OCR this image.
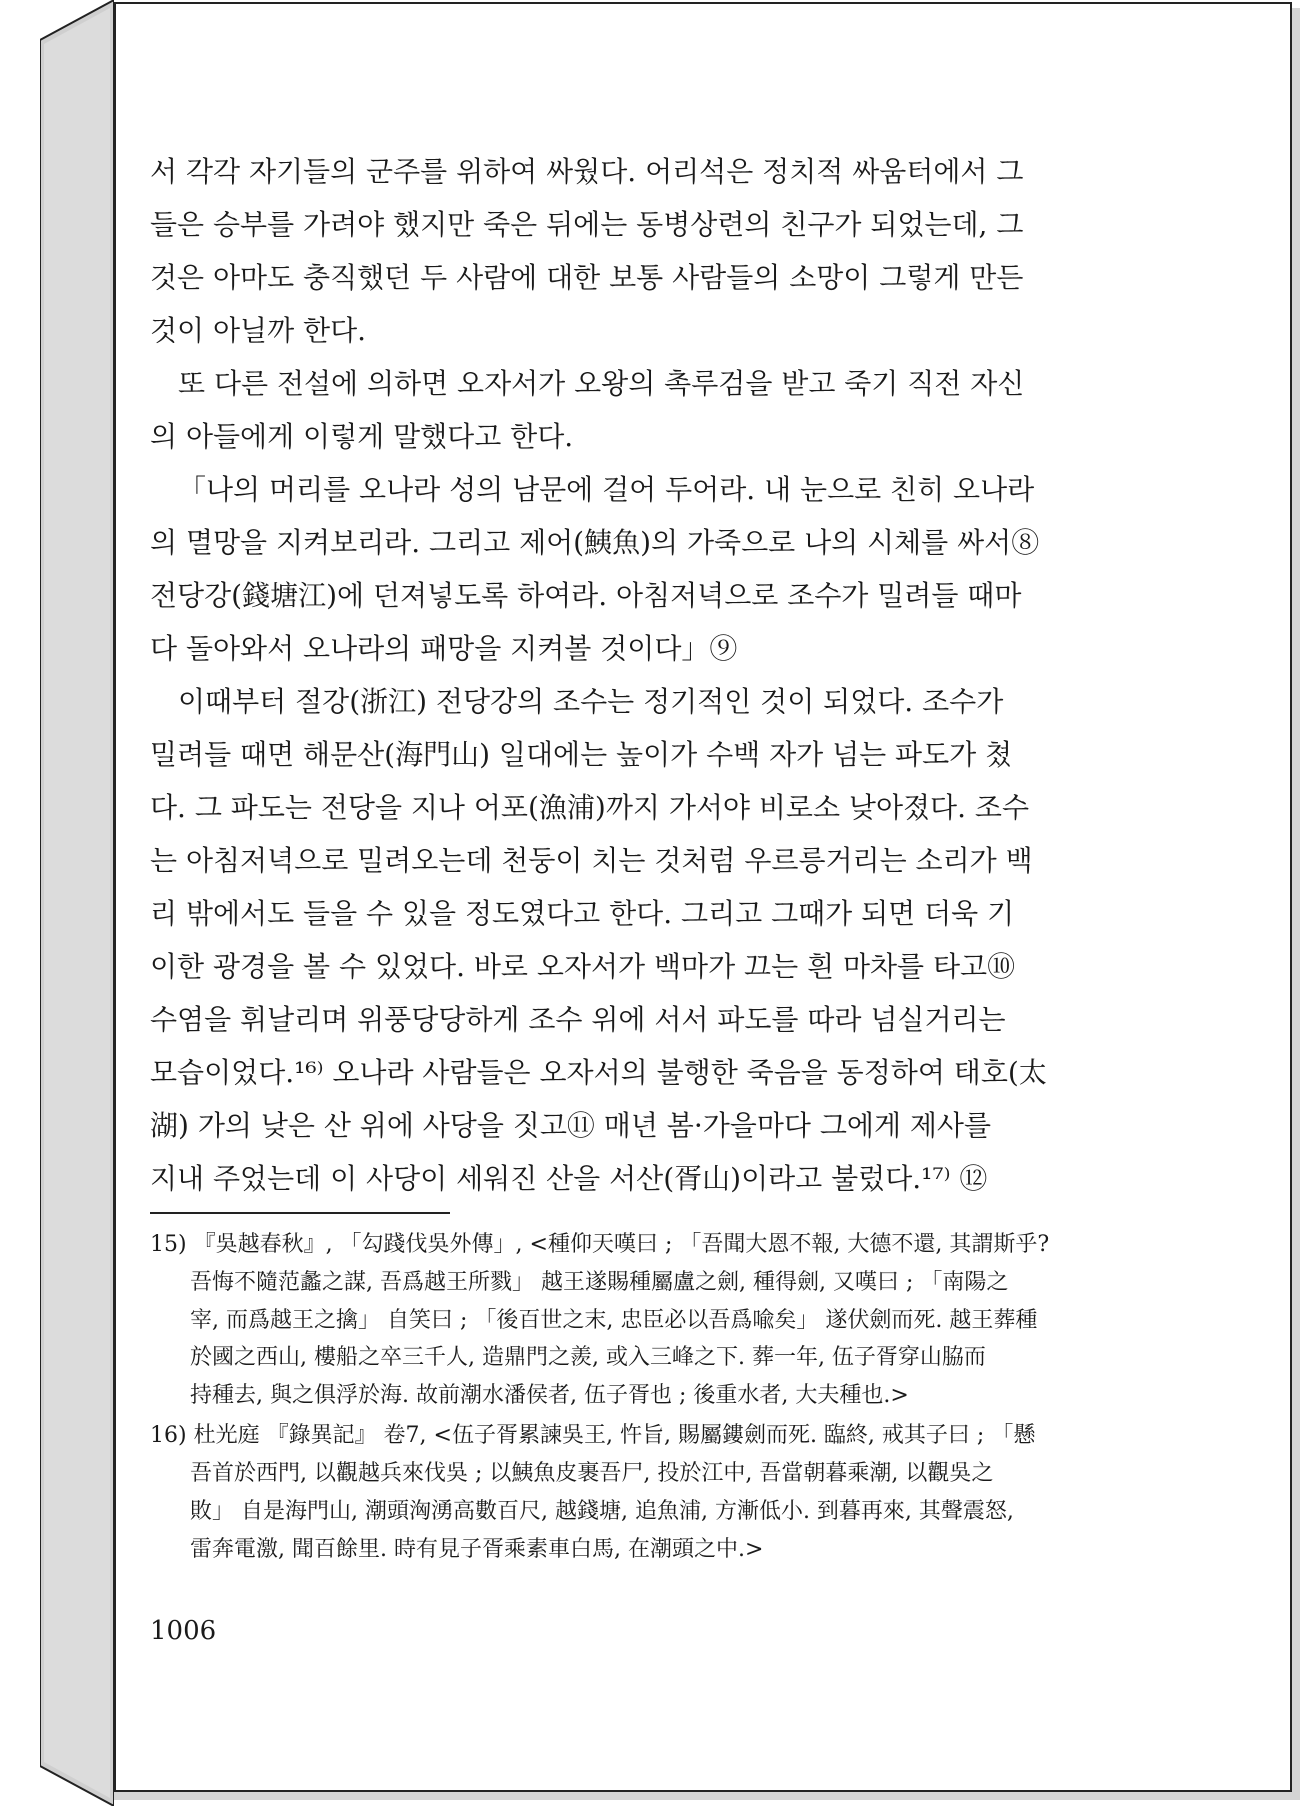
서 각각 자기들의 군주를 위하여 싸웠다. 어리석은 정치적 싸움터에서 그
들은 승부를 가려야 했지만 죽은 뒤에는 동병상련의 친구가 되었는데, 그
것은 아마도 충직했던 두 사람에 대한 보통 사람들의 소망이 그렇게 만든
것이 아닐까 한다.
또 다른 전설에 의하면 오자서가 오왕의 촉루검을 받고 죽기 직전 자신
의 아들에게 이렇게 말했다고 한다.
「나의 머리를 오나라 성의 남문에 걸어 두어라. 내 눈으로 친히 오나라
의 멸망을 지켜보리라. 그리고 제어(鮧魚)의 가죽으로 나의 시체를 싸서⑧
전당강(錢塘江)에 던져넣도록 하여라. 아침저녁으로 조수가 밀려들 때마
다 돌아와서 오나라의 패망을 지켜볼 것이다」⑨
이때부터 절강(浙江) 전당강의 조수는 정기적인 것이 되었다. 조수가
밀려들 때면 해문산(海門山) 일대에는 높이가 수백 자가 넘는 파도가 쳤
다. 그 파도는 전당을 지나 어포(漁浦)까지 가서야 비로소 낮아졌다. 조수
는 아침저녁으로 밀려오는데 천둥이 치는 것처럼 우르릉거리는 소리가 백
리 밖에서도 들을 수 있을 정도였다고 한다. 그리고 그때가 되면 더욱 기
이한 광경을 볼 수 있었다. 바로 오자서가 백마가 끄는 흰 마차를 타고⑩
수염을 휘날리며 위풍당당하게 조수 위에 서서 파도를 따라 넘실거리는
모습이었다.¹⁶⁾ 오나라 사람들은 오자서의 불행한 죽음을 동정하여 태호(太
湖) 가의 낮은 산 위에 사당을 짓고⑪ 매년 봄·가을마다 그에게 제사를
지내 주었는데 이 사당이 세워진 산을 서산(胥山)이라고 불렀다.¹⁷⁾ ⑫
15) 『吳越春秋』, 「勾踐伐吳外傳」, <種仰天嘆曰 ; 「吾聞大恩不報, 大德不還, 其謂斯乎?
吾悔不隨范蠡之謀, 吾爲越王所戮」 越王遂賜種屬盧之劍, 種得劍, 又嘆曰 ; 「南陽之
宰, 而爲越王之擒」 自笑曰 ; 「後百世之末, 忠臣必以吾爲喩矣」 遂伏劍而死. 越王葬種
於國之西山, 樓船之卒三千人, 造鼎門之羨, 或入三峰之下. 葬一年, 伍子胥穿山脇而
持種去, 與之俱浮於海. 故前潮水潘侯者, 伍子胥也 ; 後重水者, 大夫種也.>
16) 杜光庭 『錄異記』 卷7, <伍子胥累諫吳王, 忤旨, 賜屬鏤劍而死. 臨終, 戒其子曰 ; 「懸
吾首於西門, 以觀越兵來伐吳 ; 以鮧魚皮裹吾尸, 投於江中, 吾當朝暮乘潮, 以觀吳之
敗」 自是海門山, 潮頭洶湧高數百尺, 越錢塘, 追魚浦, 方漸低小. 到暮再來, 其聲震怒,
雷奔電激, 聞百餘里. 時有見子胥乘素車白馬, 在潮頭之中.>
1006
